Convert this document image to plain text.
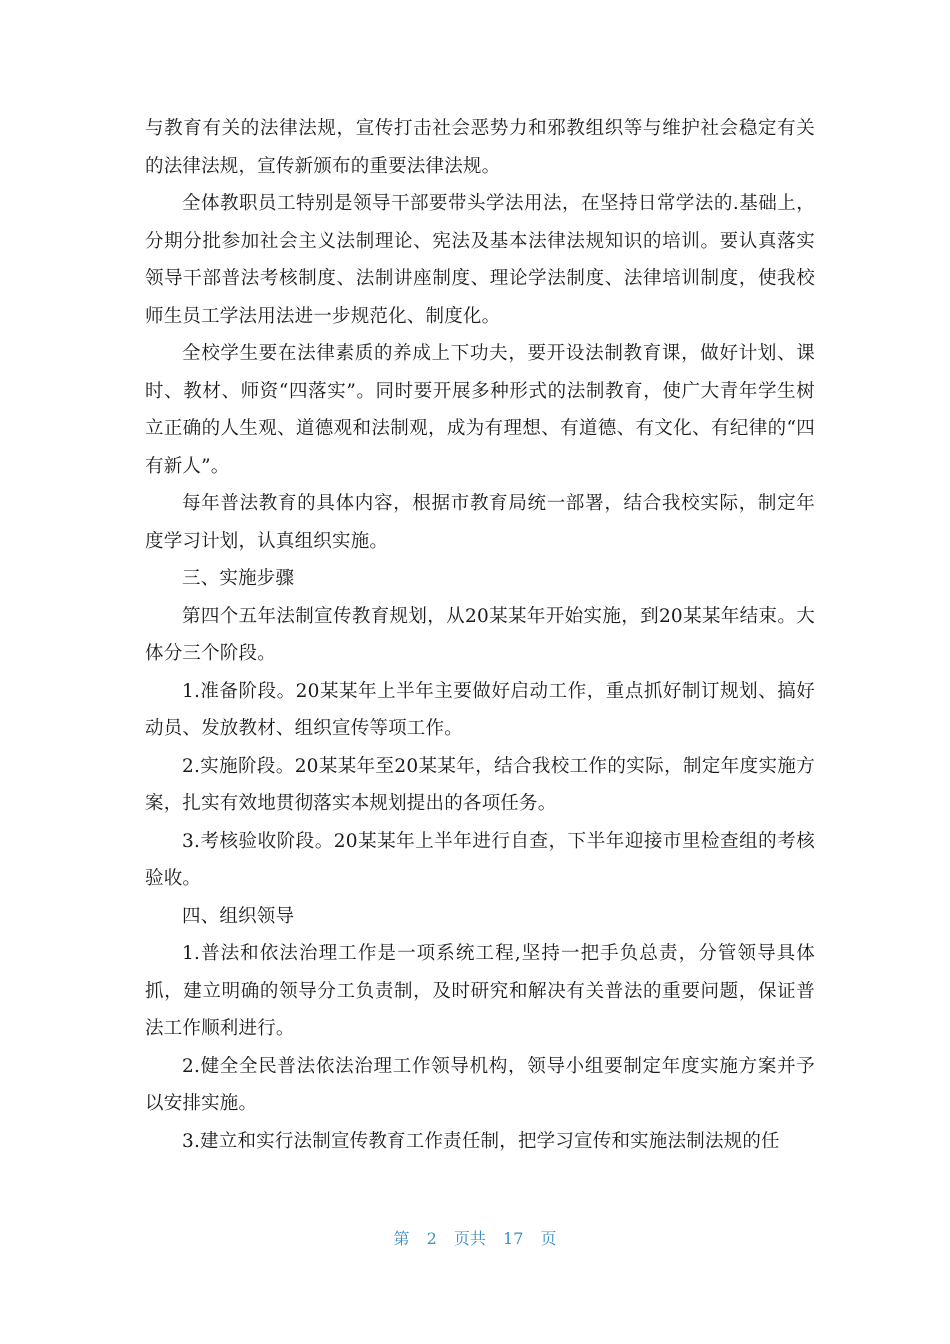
与教育有关的法律法规，宣传打击社会恶势力和邪教组织等与维护社会稳定有关的法律法规，宣传新颁布的重要法律法规。

全体教职员工特别是领导干部要带头学法用法，在坚持日常学法的.基础上，分期分批参加社会主义法制理论、宪法及基本法律法规知识的培训。要认真落实领导干部普法考核制度、法制讲座制度、理论学法制度、法律培训制度，使我校师生员工学法用法进一步规范化、制度化。

全校学生要在法律素质的养成上下功夫，要开设法制教育课，做好计划、课时、教材、师资“四落实”。同时要开展多种形式的法制教育，使广大青年学生树立正确的人生观、道德观和法制观，成为有理想、有道德、有文化、有纪律的“四有新人”。

每年普法教育的具体内容，根据市教育局统一部署，结合我校实际，制定年度学习计划，认真组织实施。

三、实施步骤

第四个五年法制宣传教育规划，从20某某年开始实施，到20某某年结束。大体分三个阶段。

1.准备阶段。20某某年上半年主要做好启动工作，重点抓好制订规划、搞好动员、发放教材、组织宣传等项工作。

2.实施阶段。20某某年至20某某年，结合我校工作的实际，制定年度实施方案，扎实有效地贯彻落实本规划提出的各项任务。

3.考核验收阶段。20某某年上半年进行自查，下半年迎接市里检查组的考核验收。

四、组织领导

1.普法和依法治理工作是一项系统工程,坚持一把手负总责，分管领导具体抓，建立明确的领导分工负责制，及时研究和解决有关普法的重要问题，保证普法工作顺利进行。

2.健全全民普法依法治理工作领导机构，领导小组要制定年度实施方案并予以安排实施。

3.建立和实行法制宣传教育工作责任制，把学习宣传和实施法制法规的任

第 2 页共 17 页
